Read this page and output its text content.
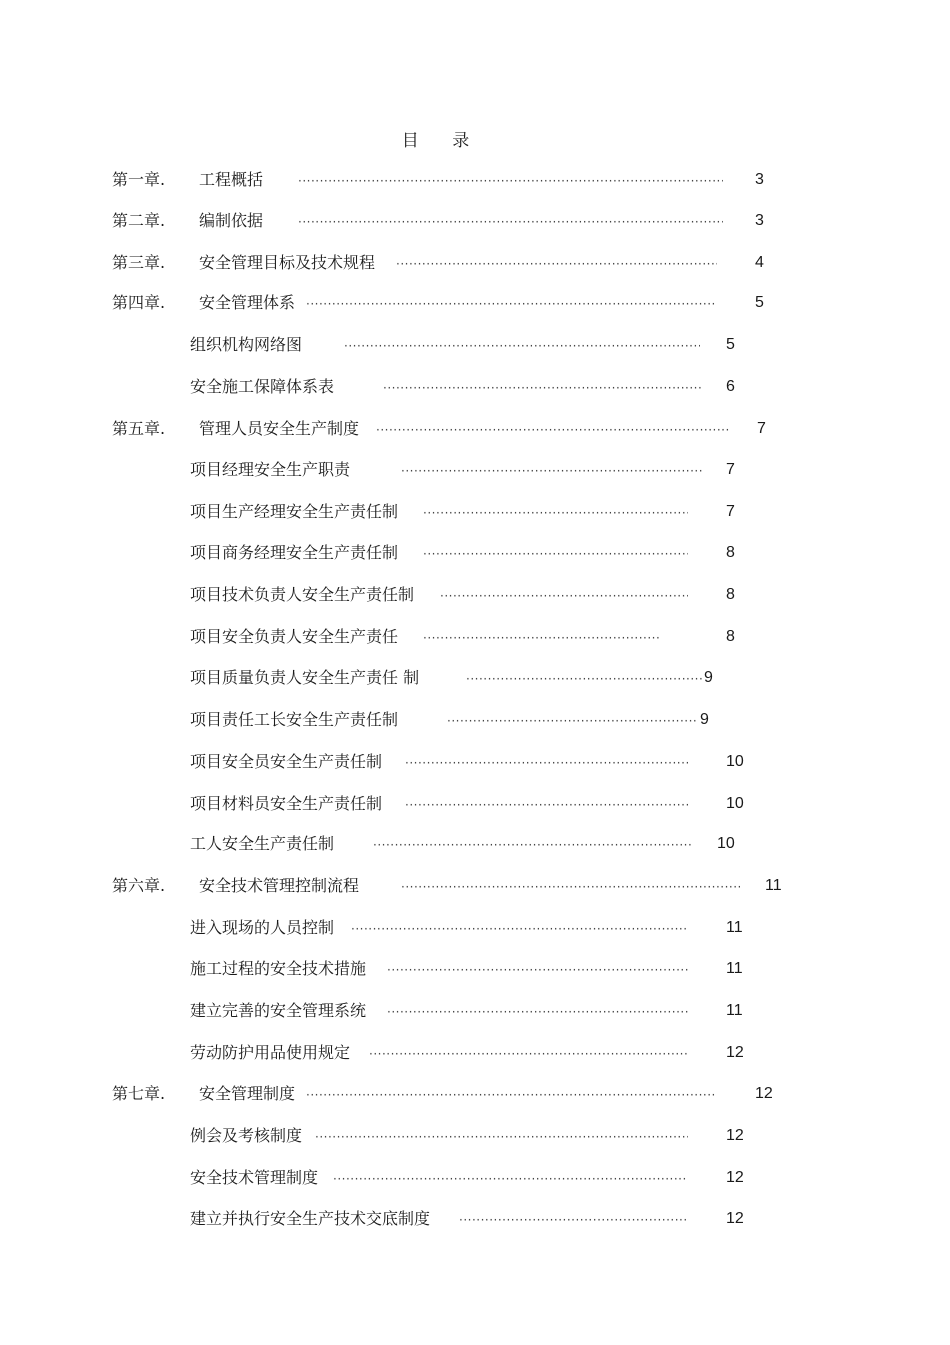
目 录
第一章. 工程概括 ·····	3
第二章. 编制依据 ·····	3
第三章. 安全管理目标及技术规程 ·····	4
第四章. 安全管理体系 ·····	5
组织机构网络图 ·····	5
安全施工保障体系表 ·····	6
第五章. 管理人员安全生产制度 ·····	7
项目经理安全生产职责 ·····	7
项目生产经理安全生产责任制 ·····	7
项目商务经理安全生产责任制 ·····	8
项目技术负责人安全生产责任制 ·····	8
项目安全负责人安全生产责任 ·····	8
项目质量负责人安全生产责任 制 ·····	9
项目责任工长安全生产责任制 ·····	9
项目安全员安全生产责任制 ·····	10
项目材料员安全生产责任制 ·····	10
工人安全生产责任制 ·····	10
第六章. 安全技术管理控制流程 ·····	11
进入现场的人员控制 ·····	11
施工过程的安全技术措施 ·····	11
建立完善的安全管理系统 ·····	11
劳动防护用品使用规定 ·····	12
第七章. 安全管理制度 ·····	12
例会及考核制度 ·····	12
安全技术管理制度 ·····	12
建立并执行安全生产技术交底制度 ·····	12
